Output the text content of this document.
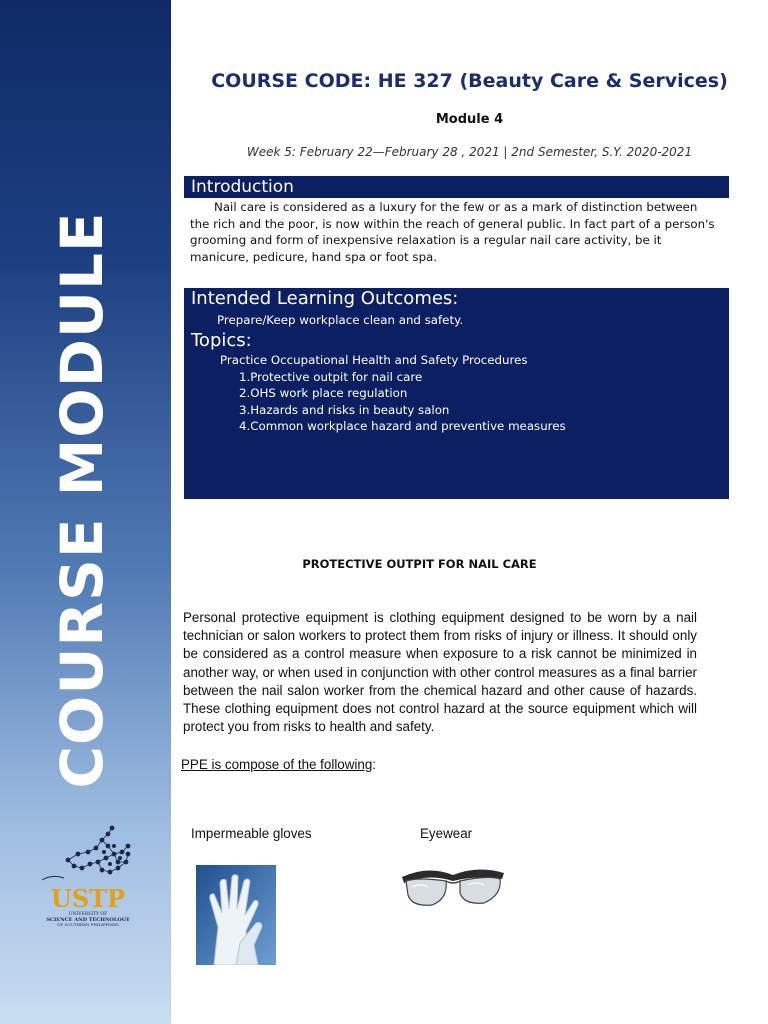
COURSE MODULE
USTP
UNIVERSITY OF
SCIENCE AND TECHNOLOGY
OF SOUTHERN PHILIPPINES
COURSE CODE: HE 327 (Beauty Care & Services)
Module 4
Week 5: February 22—February 28 , 2021 | 2nd Semester, S.Y. 2020-2021
Introduction
Nail care is considered as a luxury for the few or as a mark of distinction between the rich and the poor, is now within the reach of general public. In fact part of a person's grooming and form of inexpensive relaxation is a regular nail care activity, be it manicure, pedicure, hand spa or foot spa.
Intended Learning Outcomes:
Prepare/Keep workplace clean and safety.
Topics:
Practice Occupational Health and Safety Procedures
1.Protective outpit for nail care
2.OHS work place regulation
3.Hazards and risks in beauty salon
4.Common workplace hazard and preventive measures
PROTECTIVE OUTPIT FOR NAIL CARE
Personal protective equipment is clothing equipment designed to be worn by a nail technician or salon workers to protect them from risks of injury or illness. It should only be considered as a control measure when exposure to a risk cannot be minimized in another way, or when used in conjunction with other control measures as a final barrier between the nail salon worker from the chemical hazard and other cause of hazards. These clothing equipment does not control hazard at the source equipment which will protect you from risks to health and safety.
PPE is compose of the following:
Impermeable gloves	Eyewear
